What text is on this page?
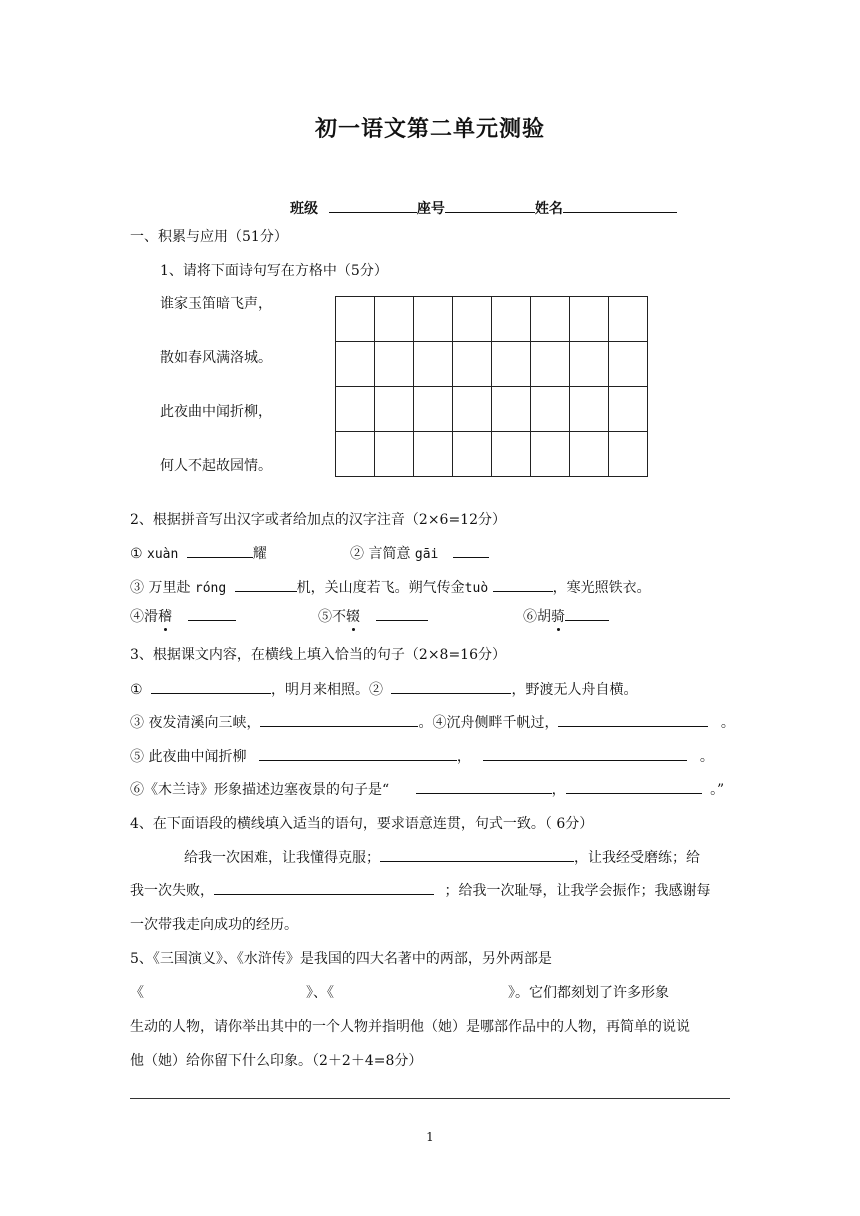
初一语文第二单元测验
班级	座号	姓名
一、积累与应用（51分）
1、请将下面诗句写在方格中（5分）
谁家玉笛暗飞声，
散如春风满洛城。
此夜曲中闻折柳，
何人不起故园情。

2、根据拼音写出汉字或者给加点的汉字注音（2×6=12分）
① xuàn	耀	② 言简意 gāi
③ 万里赴 róng	机，关山度若飞。朔气传金tuò	，寒光照铁衣。
④滑稽	⑤不辍	⑥胡骑
3、根据课文内容，在横线上填入恰当的句子（2×8=16分）
①	，明月来相照。②	，野渡无人舟自横。
③ 夜发清溪向三峡，	。④沉舟侧畔千帆过，	。
⑤ 此夜曲中闻折柳	，	。
⑥《木兰诗》形象描述边塞夜景的句子是“	，	。”
4、在下面语段的横线填入适当的语句，要求语意连贯，句式一致。（ 6分）
给我一次困难，让我懂得克服；	，让我经受磨练；给
我一次失败，	；给我一次耻辱，让我学会振作；我感谢每
一次带我走向成功的经历。
5、《三国演义》、《水浒传》是我国的四大名著中的两部，另外两部是
《	》、《	》。它们都刻划了许多形象
生动的人物，请你举出其中的一个人物并指明他（她）是哪部作品中的人物，再简单的说说
他（她）给你留下什么印象。（2＋2＋4=8分）
1
